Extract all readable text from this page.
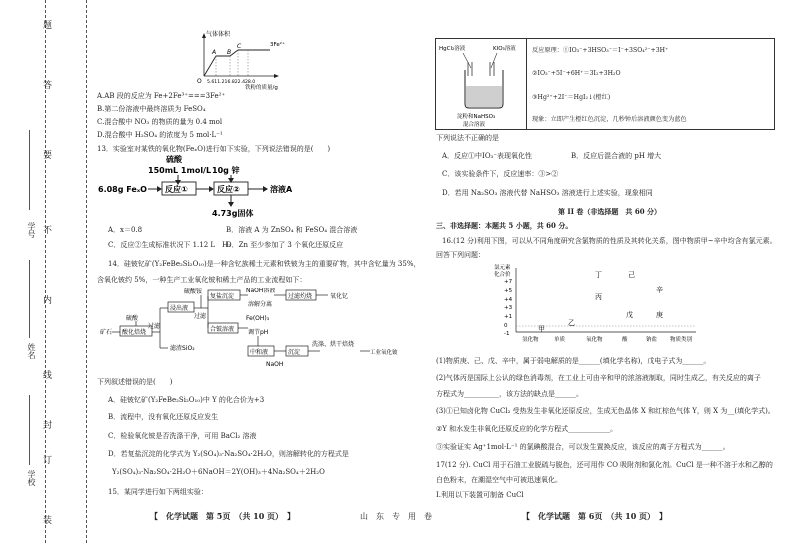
题
答
要
不
内
线
封
订
装
学号
姓名
学校
气体体积
O
A B
C	3Fe²⁺
5.611.216.822.428.0
铁粉的质量/g
A.AB 段的反应为 Fe+2Fe³⁺===3Fe²⁺
B.第二份溶液中最终溶质为 FeSO₄
C.混合酸中 NO₃ 的物质的量为 0.4 mol
D.混合酸中 H₂SO₄ 的浓度为 5 mol·L⁻¹
13．实验室对某铁的氧化物(FeₓO)进行如下实验，下列说法错误的是(　　)
硫酸
150mL 1mol/L
6.08g FeₓO 反应①
10g 锌
反应②	溶液A
4.73g固体
A．x＝0.8	B．溶液 A 为 ZnSO₄ 和 FeSO₄ 混合溶液
C．反应②生成标准状况下 1.12 L　H₂
D．Zn 至少参加了 3 个氧化还原反应
14．硅铍钇矿(Y₂FeBe₂Si₂O₁₀)是一种含钇族稀土元素和铁铍为主的重要矿物，其中含钇量为 35%，
含氧化铍约 5%，一种生产工业氧化铍和稀土产品的工业流程如下：
矿石 酸化焙烧
硫酸
过滤
浸出液
滤渣SiO₂
硫酸铵
过滤
复盐沉淀
NaOH溶液
溶解分离
过滤灼烧	氧化钇
合铍溶液
Fe(OH)₃
调节pH
中和液	沉淀
NaOH
洗涤、烘干焙烧
工业氧化铍
下列叙述错误的是(　　)
A．硅铍钇矿(Y₂FeBe₂Si₂O₁₀)中 Y 的化合价为+3
B．流程中，没有氧化还原反应发生
C．检验氧化铍是否洗涤干净，可用 BaCl₂ 溶液
D．若复盐沉淀的化学式为 Y₂(SO₄)₃·Na₂SO₄·2H₂O，则溶解转化的方程式是
Y₂(SO₄)₃·Na₂SO₄·2H₂O＋6NaOH＝2Y(OH)₃＋4Na₂SO₄＋2H₂O
15．某同学进行如下两组实验：
HgCl₂溶液	KIO₃溶液
淀粉和NaHSO₃
混合溶液
反应原理：①IO₃⁻+3HSO₃⁻＝I⁻+3SO₄²⁻+3H⁺
②IO₃⁻+5I⁻+6H⁺＝3I₂+3H₂O
③Hg²⁺+2I⁻＝HgI₂↓(橙红)
现象：立即产生橙红色沉淀，几秒钟后溶液颜色变为蓝色
下列说法不正确的是
A．反应①中IO₃⁻表现氧化性	B．反应后混合液的 pH 增大
C．该实验条件下，反应速率：③>②
D．若用 Na₂SO₃ 溶液代替 NaHSO₃ 溶液进行上述实验，现象相同
第 II 卷（非选择题　共 60 分）
三、非选择题：本题共 5 小题，共 60 分。
16.(12 分)利用下图，可以从不同角度研究含氯物质的性质及其转化关系，图中物质甲~辛中均含有氯元素。
回答下列问题：
氯元素
化合价
+7
+5
+4
+3
+1
0
-1
氢化物	单质	氧化物	酸	钠盐 物质类别
甲
乙
丙
丁
戊
己
庚
辛
(1)物质庚、己、戊、辛中，属于弱电解质的是______(填化学名称)，戊电子式为______。
(2)气体丙是国际上公认的绿色消毒剂，在工业上可由辛和甲的浓溶液制取，同时生成乙，有关反应的离子
方程式为__________，该方法的缺点是______。
(3)①已知卤化物 CuCl₂ 受热发生非氧化还原反应，生成无色晶体 X 和红棕色气体 Y，则 X 为__(填化学式)。
②Y 和水发生非氧化还原反应的化学方程式____________。
③实验证实 Ag⁺1mol·L⁻¹ 的氯碘酸混合，可以发生置换反应，该反应的离子方程式为______。
17(12 分). CuCl 用于石油工业脱硫与脱色，还可用作 CO 吸附剂和氯化剂。CuCl 是一种不溶于水和乙醇的
白色粉末，在潮湿空气中可被迅速氧化。
Ⅰ.利用以下装置可制备 CuCl
【　化学试题　第 5页　（共 10 页）　】	山　东　专　用　卷	【　化学试题　第 6页　（共 10 页）　】
